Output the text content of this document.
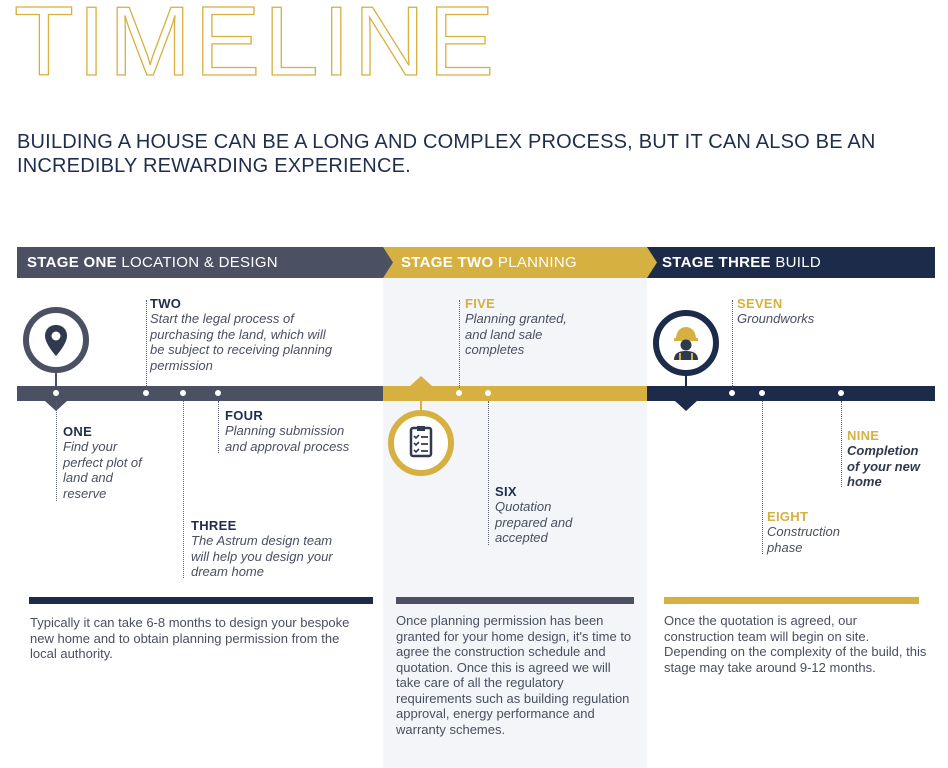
TIMELINE
BUILDING A HOUSE CAN BE A LONG AND COMPLEX PROCESS, BUT IT CAN ALSO BE AN INCREDIBLY REWARDING EXPERIENCE.
STAGE ONE LOCATION & DESIGN	STAGE TWO PLANNING	STAGE THREE BUILD
TWO
Start the legal process of purchasing the land, which will be subject to receiving planning permission
ONE
Find your perfect plot of land and reserve
FOUR
Planning submission and approval process
THREE
The Astrum design team will help you design your dream home
FIVE
Planning granted, and land sale completes
SIX
Quotation prepared and accepted
SEVEN
Groundworks
EIGHT
Construction phase
NINE
Completion of your new home
Typically it can take 6-8 months to design your bespoke new home and to obtain planning permission from the local authority.
Once planning permission has been granted for your home design, it's time to agree the construction schedule and quotation. Once this is agreed we will take care of all the regulatory requirements such as building regulation approval, energy performance and warranty schemes.
Once the quotation is agreed, our construction team will begin on site. Depending on the complexity of the build, this stage may take around 9-12 months.
